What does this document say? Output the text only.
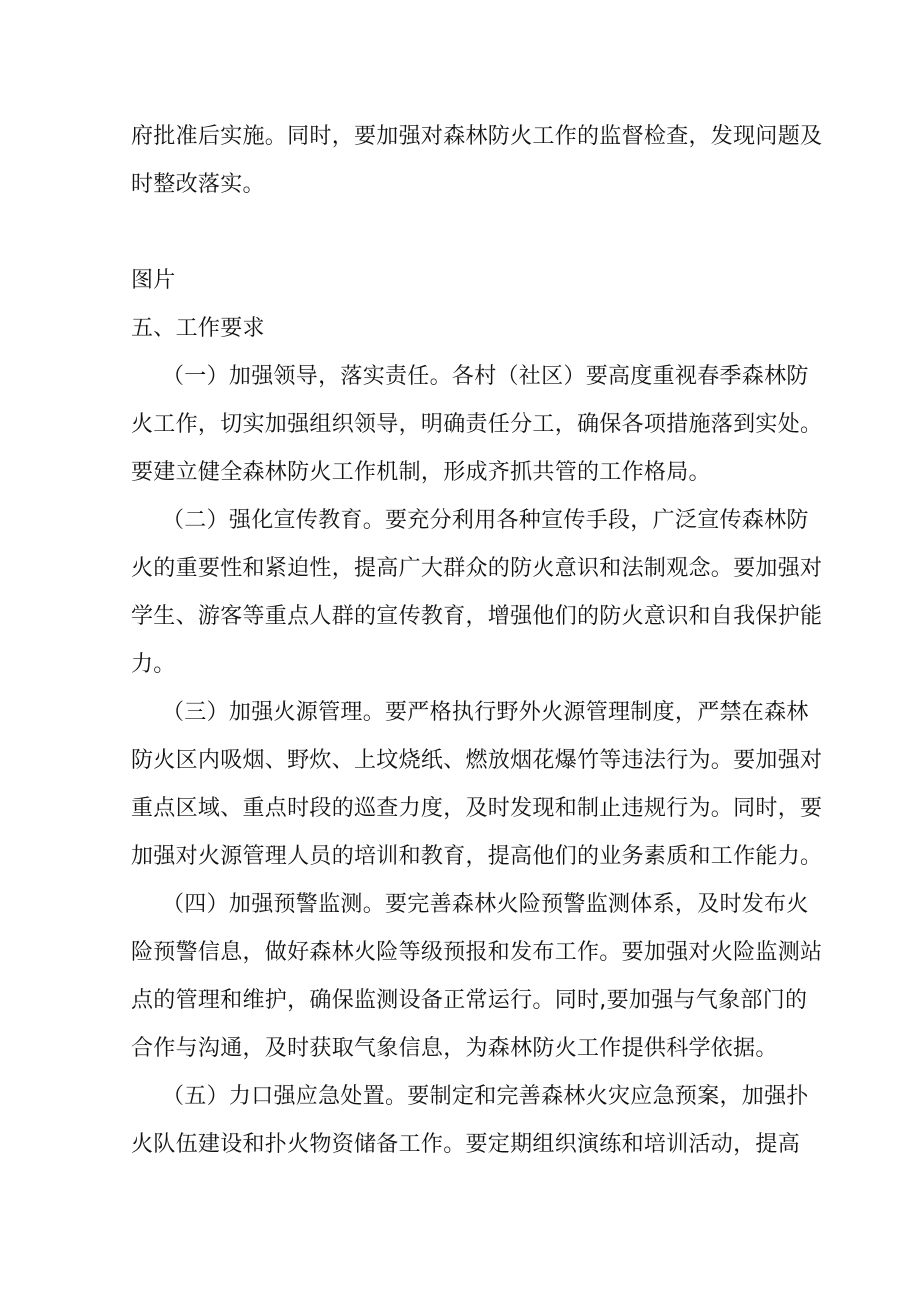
府批准后实施。同时，要加强对森林防火工作的监督检查，发现问题及
时整改落实。
图片
五、工作要求
（一）加强领导，落实责任。各村（社区）要高度重视春季森林防
火工作，切实加强组织领导，明确责任分工，确保各项措施落到实处。
要建立健全森林防火工作机制，形成齐抓共管的工作格局。
（二）强化宣传教育。要充分利用各种宣传手段，广泛宣传森林防
火的重要性和紧迫性，提高广大群众的防火意识和法制观念。要加强对
学生、游客等重点人群的宣传教育，增强他们的防火意识和自我保护能
力。
（三）加强火源管理。要严格执行野外火源管理制度，严禁在森林
防火区内吸烟、野炊、上坟烧纸、燃放烟花爆竹等违法行为。要加强对
重点区域、重点时段的巡查力度，及时发现和制止违规行为。同时，要
加强对火源管理人员的培训和教育，提高他们的业务素质和工作能力。
（四）加强预警监测。要完善森林火险预警监测体系，及时发布火
险预警信息，做好森林火险等级预报和发布工作。要加强对火险监测站
点的管理和维护，确保监测设备正常运行。同时,要加强与气象部门的
合作与沟通，及时获取气象信息，为森林防火工作提供科学依据。
（五）力口强应急处置。要制定和完善森林火灾应急预案，加强扑
火队伍建设和扑火物资储备工作。要定期组织演练和培训活动，提高
